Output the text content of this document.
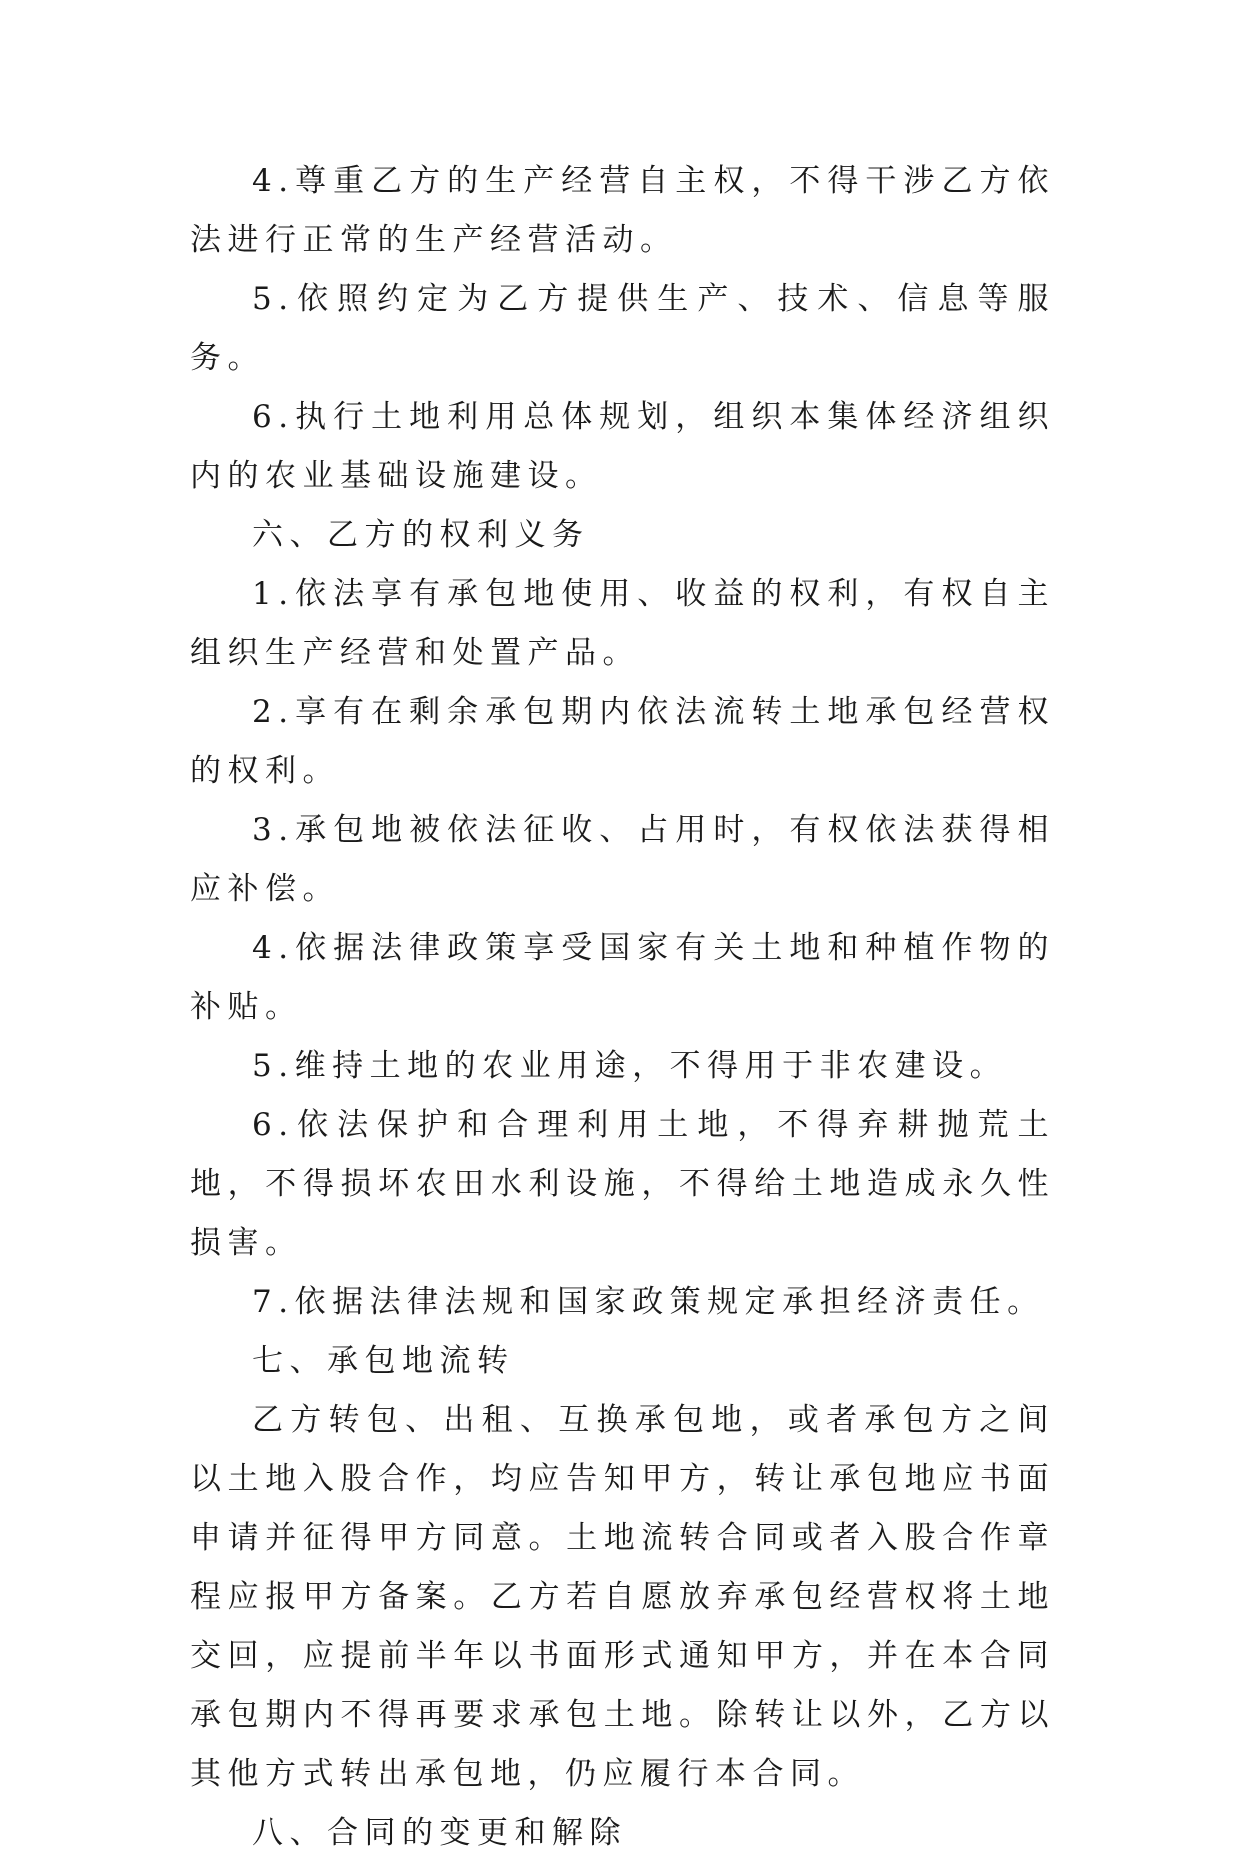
4.尊重乙方的生产经营自主权，不得干涉乙方依法进行正常的生产经营活动。

5.依照约定为乙方提供生产、技术、信息等服务。

6.执行土地利用总体规划，组织本集体经济组织内的农业基础设施建设。

六、乙方的权利义务

1.依法享有承包地使用、收益的权利，有权自主组织生产经营和处置产品。

2.享有在剩余承包期内依法流转土地承包经营权的权利。

3.承包地被依法征收、占用时，有权依法获得相应补偿。

4.依据法律政策享受国家有关土地和种植作物的补贴。

5.维持土地的农业用途，不得用于非农建设。

6.依法保护和合理利用土地，不得弃耕抛荒土地，不得损坏农田水利设施，不得给土地造成永久性损害。

7.依据法律法规和国家政策规定承担经济责任。

七、承包地流转

乙方转包、出租、互换承包地，或者承包方之间以土地入股合作，均应告知甲方，转让承包地应书面申请并征得甲方同意。土地流转合同或者入股合作章程应报甲方备案。乙方若自愿放弃承包经营权将土地交回，应提前半年以书面形式通知甲方，并在本合同承包期内不得再要求承包土地。除转让以外，乙方以其他方式转出承包地，仍应履行本合同。

八、合同的变更和解除
